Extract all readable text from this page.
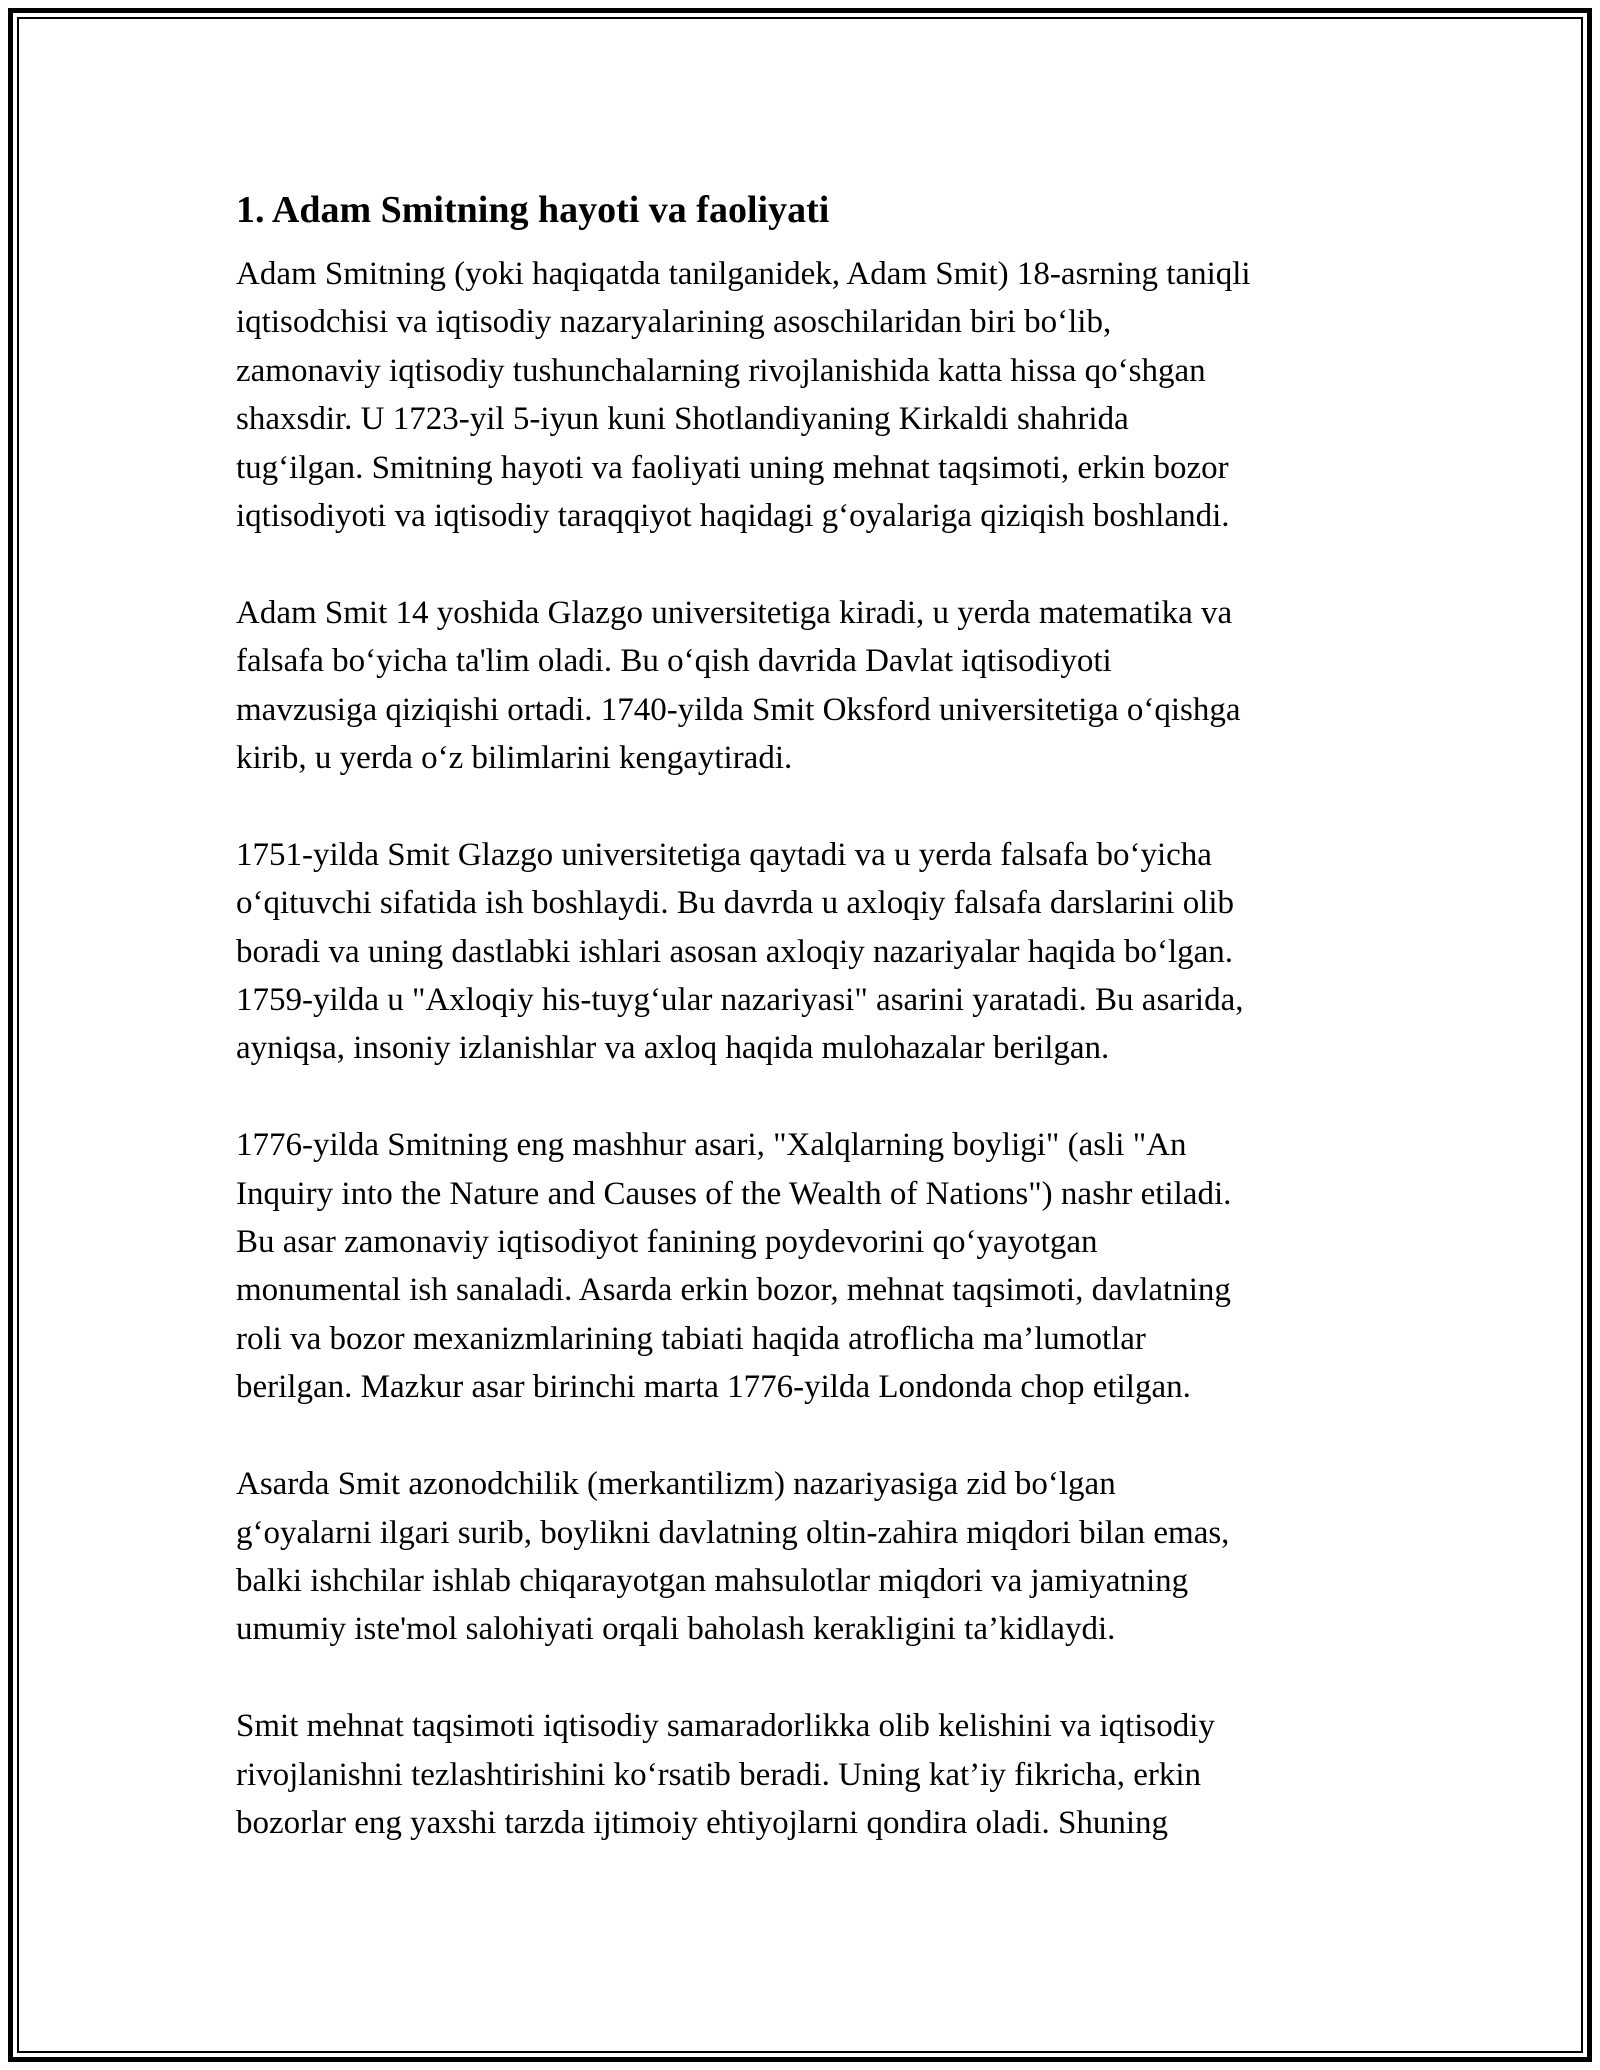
1. Adam Smitning hayoti va faoliyati
Adam Smitning (yoki haqiqatda tanilganidek, Adam Smit) 18-asrning taniqli
iqtisodchisi va iqtisodiy nazaryalarining asoschilaridan biri bo‘lib,
zamonaviy iqtisodiy tushunchalarning rivojlanishida katta hissa qo‘shgan
shaxsdir. U 1723-yil 5-iyun kuni Shotlandiyaning Kirkaldi shahrida
tug‘ilgan. Smitning hayoti va faoliyati uning mehnat taqsimoti, erkin bozor
iqtisodiyoti va iqtisodiy taraqqiyot haqidagi g‘oyalariga qiziqish boshlandi.
Adam Smit 14 yoshida Glazgo universitetiga kiradi, u yerda matematika va
falsafa bo‘yicha ta'lim oladi. Bu o‘qish davrida Davlat iqtisodiyoti
mavzusiga qiziqishi ortadi. 1740-yilda Smit Oksford universitetiga o‘qishga
kirib, u yerda o‘z bilimlarini kengaytiradi.
1751-yilda Smit Glazgo universitetiga qaytadi va u yerda falsafa bo‘yicha
o‘qituvchi sifatida ish boshlaydi. Bu davrda u axloqiy falsafa darslarini olib
boradi va uning dastlabki ishlari asosan axloqiy nazariyalar haqida bo‘lgan.
1759-yilda u "Axloqiy his-tuyg‘ular nazariyasi" asarini yaratadi. Bu asarida,
ayniqsa, insoniy izlanishlar va axloq haqida mulohazalar berilgan.
1776-yilda Smitning eng mashhur asari, "Xalqlarning boyligi" (asli "An
Inquiry into the Nature and Causes of the Wealth of Nations") nashr etiladi.
Bu asar zamonaviy iqtisodiyot fanining poydevorini qo‘yayotgan
monumental ish sanaladi. Asarda erkin bozor, mehnat taqsimoti, davlatning
roli va bozor mexanizmlarining tabiati haqida atroflicha ma’lumotlar
berilgan. Mazkur asar birinchi marta 1776-yilda Londonda chop etilgan.
Asarda Smit azonodchilik (merkantilizm) nazariyasiga zid bo‘lgan
g‘oyalarni ilgari surib, boylikni davlatning oltin-zahira miqdori bilan emas,
balki ishchilar ishlab chiqarayotgan mahsulotlar miqdori va jamiyatning
umumiy iste'mol salohiyati orqali baholash kerakligini ta’kidlaydi.
Smit mehnat taqsimoti iqtisodiy samaradorlikka olib kelishini va iqtisodiy
rivojlanishni tezlashtirishini ko‘rsatib beradi. Uning kat’iy fikricha, erkin
bozorlar eng yaxshi tarzda ijtimoiy ehtiyojlarni qondira oladi. Shuning
